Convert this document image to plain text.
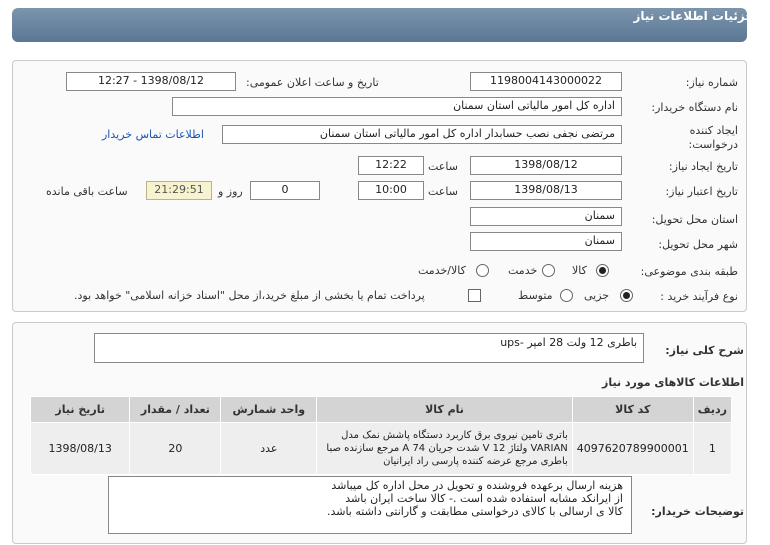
جزئیات اطلاعات نیاز
شماره نیاز:
1198004143000022
تاریخ و ساعت اعلان عمومی:
1398/08/12 - 12:27
نام دستگاه خریدار:
اداره کل امور مالیاتی استان سمنان
ایجاد کننده
درخواست:
مرتضی نجفی نصب حسابدار اداره کل امور مالیاتی استان سمنان
اطلاعات تماس خریدار
تاریخ ایجاد نیاز:
1398/08/12
ساعت
12:22
تاریخ اعتبار نیاز:
1398/08/13
ساعت
10:00
0
روز و
21:29:51
ساعت باقی مانده
استان محل تحویل:
سمنان
شهر محل تحویل:
سمنان
طبقه بندی موضوعی:
کالا
خدمت
کالا/خدمت
نوع فرآیند خرید :
جزیی
متوسط
پرداخت تمام یا بخشی از مبلغ خرید،از محل "اسناد خزانه اسلامی" خواهد بود.
شرح کلی نیاز:
باطری 12 ولت 28 امپر -ups
اطلاعات کالاهای مورد نیاز
ردیف	کد کالا	نام کالا	واحد شمارش	تعداد / مقدار	تاریخ نیاز
1	4097620789900001	باتری تامین نیروی برق کاربرد دستگاه پاشش نمک مدل
VARIAN ولتاژ 12 V شدت جریان 74 A مرجع سازنده صبا
باطری مرجع عرضه کننده پارسی راد ایرانیان	عدد	20	1398/08/13
توضیحات خریدار:
هزینه ارسال برعهده فروشنده و تحویل در محل اداره کل میباشد
از ایرانکد مشابه استفاده شده است .- کالا ساخت ایران باشد
کالا ی ارسالی با کالای درخواستی مطابقت و گارانتی داشته باشد.
